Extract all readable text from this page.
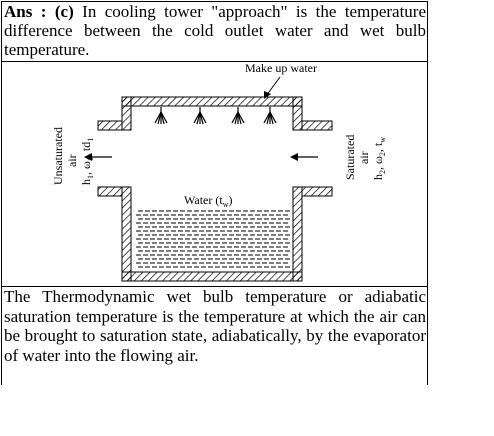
Ans : (c) In cooling tower "approach" is the temperature difference between the cold outlet water and wet bulb temperature.
Make up water
Unsaturated air
$h_1$, $\omega_1$, $td_1$	Saturated air
$h_2$, $\omega_2$, $t_w$
Water $(t_w)$
The Thermodynamic wet bulb temperature or adiabatic saturation temperature is the temperature at which the air can be brought to saturation state, adiabatically, by the evaporator of water into the flowing air.
